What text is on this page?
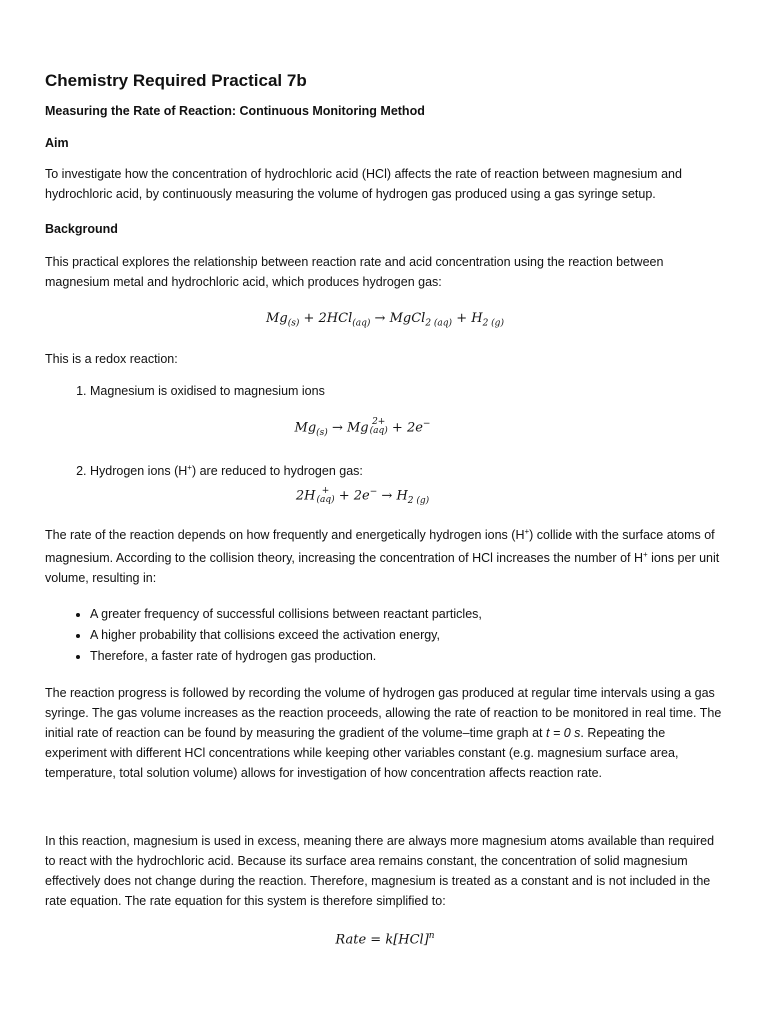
Chemistry Required Practical 7b
Measuring the Rate of Reaction: Continuous Monitoring Method
Aim

To investigate how the concentration of hydrochloric acid (HCl) affects the rate of reaction between magnesium and hydrochloric acid, by continuously measuring the volume of hydrogen gas produced using a gas syringe setup.

Background

This practical explores the relationship between reaction rate and acid concentration using the reaction between magnesium metal and hydrochloric acid, which produces hydrogen gas:

$Mg_{(s)} + 2HCl_{(aq)}$ → MgCl$_{2 (aq)}$ + $H_{2 (g)}$

This is a redox reaction:

1. Magnesium is oxidised to magnesium ions
$Mg_{(s)} \to Mg$ 2+
(aq) + 2e−
2. Hydrogen ions (H+) are reduced to hydrogen gas:
2H +
$(aq) + 2e^- \to H_{2 (g)}$

The rate of the reaction depends on how frequently and energetically hydrogen ions (H+) collide with the surface atoms of magnesium. According to the collision theory, increasing the concentration of HCl increases the number of H+ ions per unit volume, resulting in:

• A greater frequency of successful collisions between reactant particles,
• A higher probability that collisions exceed the activation energy,
• Therefore, a faster rate of hydrogen gas production.

The reaction progress is followed by recording the volume of hydrogen gas produced at regular time intervals using a gas syringe. The gas volume increases as the reaction proceeds, allowing the rate of reaction to be monitored in real time. The initial rate of reaction can be found by measuring the gradient of the volume–time graph at t = 0 s. Repeating the experiment with different HCl concentrations while keeping other variables constant (e.g. magnesium surface area, temperature, total solution volume) allows for investigation of how concentration affects reaction rate.

In this reaction, magnesium is used in excess, meaning there are always more magnesium atoms available than required to react with the hydrochloric acid. Because its surface area remains constant, the concentration of solid magnesium effectively does not change during the reaction. Therefore, magnesium is treated as a constant and is not included in the rate equation. The rate equation for this system is therefore simplified to:

Rate = k[HCl]$^n$
